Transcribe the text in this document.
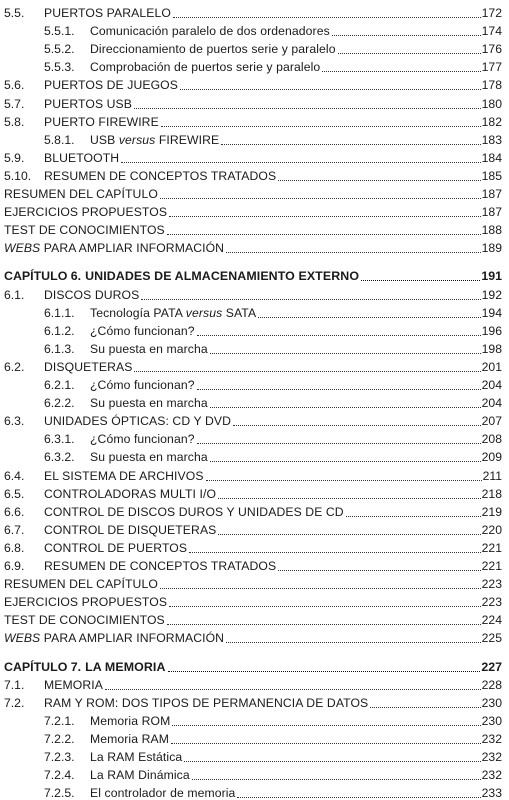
5.5.	PUERTOS PARALELO	172
5.5.1.	Comunicación paralelo de dos ordenadores	174
5.5.2.	Direccionamiento de puertos serie y paralelo	176
5.5.3.	Comprobación de puertos serie y paralelo	177
5.6.	PUERTOS DE JUEGOS	178
5.7.	PUERTOS USB	180
5.8.	PUERTO FIREWIRE	182
5.8.1.	USB versus FIREWIRE	183
5.9.	BLUETOOTH	184
5.10.	RESUMEN DE CONCEPTOS TRATADOS	185
RESUMEN DEL CAPÍTULO	187
EJERCICIOS PROPUESTOS	187
TEST DE CONOCIMIENTOS	188
WEBS PARA AMPLIAR INFORMACIÓN	189
CAPÍTULO 6. UNIDADES DE ALMACENAMIENTO EXTERNO	191
6.1.	DISCOS DUROS	192
6.1.1.	Tecnología PATA versus SATA	194
6.1.2.	¿Cómo funcionan?	196
6.1.3.	Su puesta en marcha	198
6.2.	DISQUETERAS	201
6.2.1.	¿Cómo funcionan?	204
6.2.2.	Su puesta en marcha	204
6.3.	UNIDADES ÓPTICAS: CD Y DVD	207
6.3.1.	¿Cómo funcionan?	208
6.3.2.	Su puesta en marcha	209
6.4.	EL SISTEMA DE ARCHIVOS	211
6.5.	CONTROLADORAS MULTI I/O	218
6.6.	CONTROL DE DISCOS DUROS Y UNIDADES DE CD	219
6.7.	CONTROL DE DISQUETERAS	220
6.8.	CONTROL DE PUERTOS	221
6.9.	RESUMEN DE CONCEPTOS TRATADOS	221
RESUMEN DEL CAPÍTULO	223
EJERCICIOS PROPUESTOS	223
TEST DE CONOCIMIENTOS	224
WEBS PARA AMPLIAR INFORMACIÓN	225
CAPÍTULO 7. LA MEMORIA	227
7.1.	MEMORIA	228
7.2.	RAM Y ROM: DOS TIPOS DE PERMANENCIA DE DATOS	230
7.2.1.	Memoria ROM	230
7.2.2.	Memoria RAM	232
7.2.3.	La RAM Estática	232
7.2.4.	La RAM Dinámica	232
7.2.5.	El controlador de memoria	233
